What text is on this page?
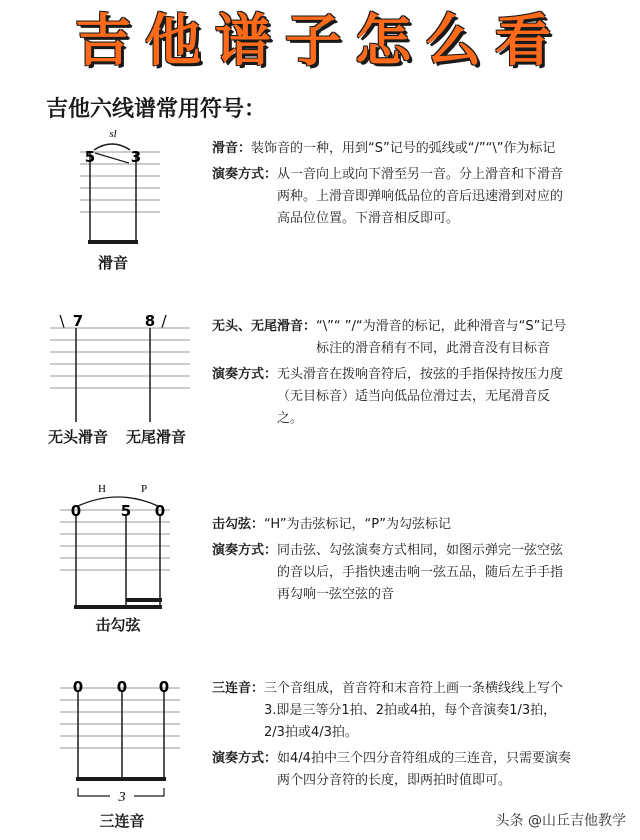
吉他谱子怎么看
吉他六线谱常用符号：
sl
5 3
滑音
滑音： 装饰音的一种，用到“S”记号的弧线或“/”“\”作为标记
演奏方式： 从一音向上或向下滑至另一音。分上滑音和下滑音两种。上滑音即弹响低品位的音后迅速滑到对应的高品位位置。下滑音相反即可。
\ 7	8 /
无头滑音 无尾滑音
无头、无尾滑音： “\”“ ”/“为滑音的标记，此种滑音与“S”记号标注的滑音稍有不同，此滑音没有目标音
演奏方式： 无头滑音在拨响音符后，按弦的手指保持按压力度（无目标音）适当向低品位滑过去，无尾滑音反之。
H	P
0	5 0
击勾弦
击勾弦： “H”为击弦标记，“P”为勾弦标记
演奏方式： 同击弦、勾弦演奏方式相同，如图示弹完一弦空弦的音以后，手指快速击响一弦五品，随后左手手指再勾响一弦空弦的音
0 0 0
3
三连音
三连音： 三个音组成，首音符和末音符上画一条横线线上写个3.即是三等分1拍、2拍或4拍，每个音演奏1/3拍，2/3拍或4/3拍。
演奏方式： 如4/4拍中三个四分音符组成的三连音，只需要演奏两个四分音符的长度，即两拍时值即可。
头条 @山丘吉他教学
